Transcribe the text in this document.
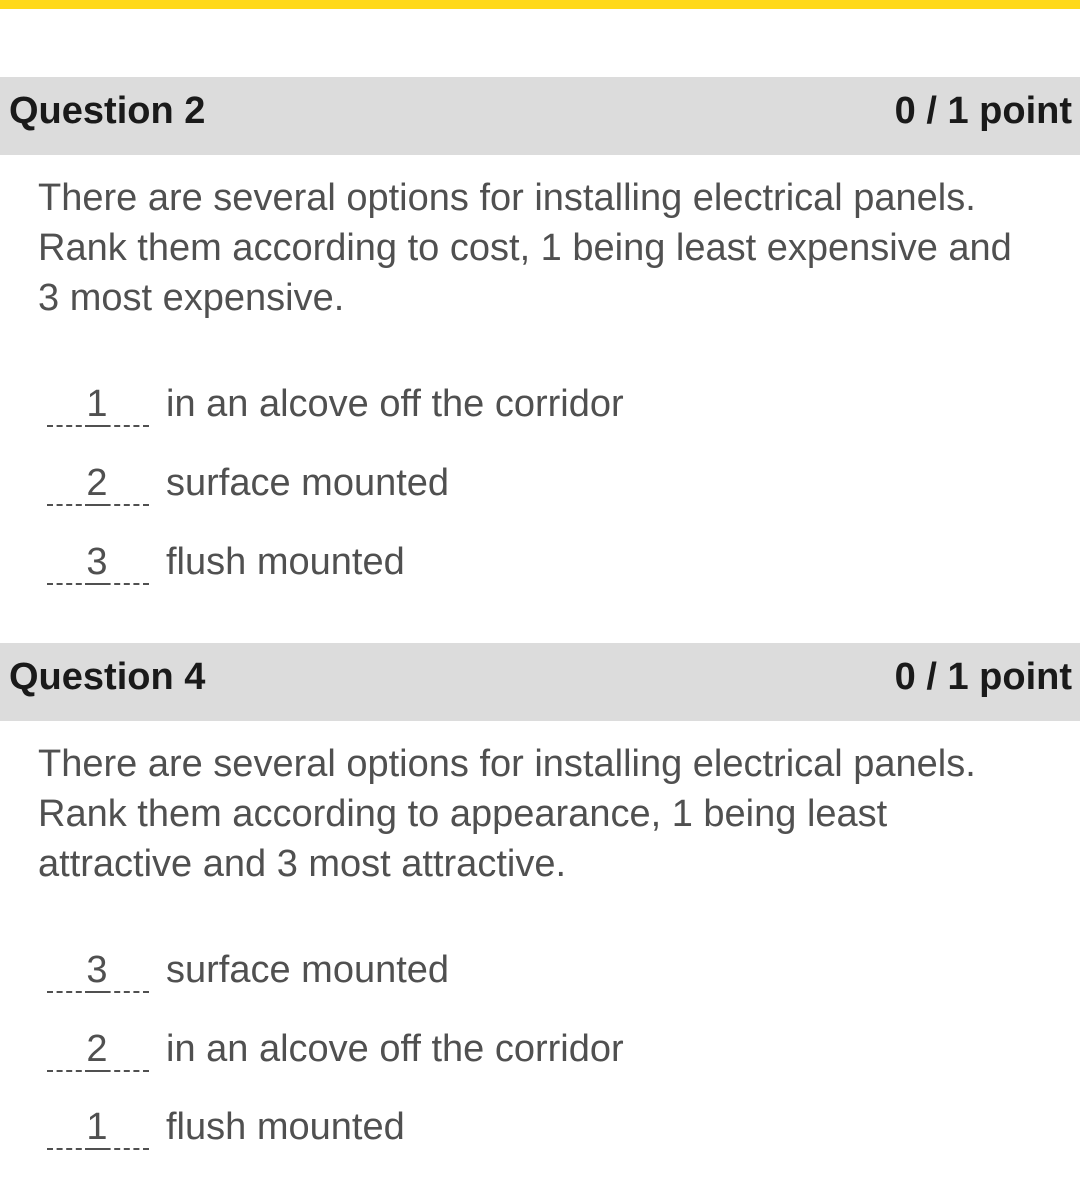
Question 2	0 / 1 point
There are several options for installing electrical panels. Rank them according to cost, 1 being least expensive and 3 most expensive.
1 in an alcove off the corridor
2 surface mounted
3 flush mounted
Question 4	0 / 1 point
There are several options for installing electrical panels. Rank them according to appearance, 1 being least attractive and 3 most attractive.
3 surface mounted
2 in an alcove off the corridor
1 flush mounted
